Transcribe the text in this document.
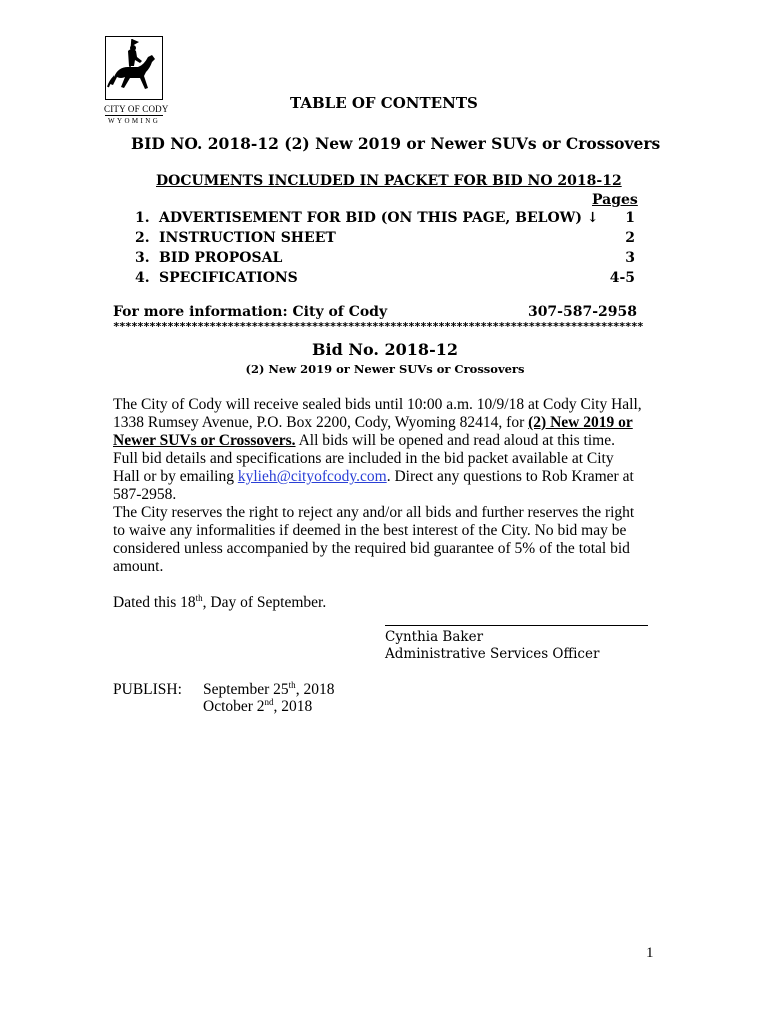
CITY OF CODY
WYOMING
TABLE OF CONTENTS
BID NO. 2018-12 (2) New 2019 or Newer SUVs or Crossovers
DOCUMENTS INCLUDED IN PACKET FOR BID NO 2018-12
Pages
1. ADVERTISEMENT FOR BID (ON THIS PAGE, BELOW) ↓ 1
2. INSTRUCTION SHEET	2
3. BID PROPOSAL	3
4. SPECIFICATIONS	4-5
For more information: City of Cody	307-587-2958
****************************************************************************************
Bid No. 2018-12
(2) New 2019 or Newer SUVs or Crossovers
The City of Cody will receive sealed bids until 10:00 a.m. 10/9/18 at Cody City Hall, 1338 Rumsey Avenue, P.O. Box 2200, Cody, Wyoming 82414, for (2) New 2019 or Newer SUVs or Crossovers. All bids will be opened and read aloud at this time. Full bid details and specifications are included in the bid packet available at City Hall or by emailing kylieh@cityofcody.com. Direct any questions to Rob Kramer at 587-2958.
The City reserves the right to reject any and/or all bids and further reserves the right to waive any informalities if deemed in the best interest of the City. No bid may be considered unless accompanied by the required bid guarantee of 5% of the total bid amount.
Dated this 18th, Day of September.
Cynthia Baker
Administrative Services Officer
PUBLISH: September 25th, 2018
October 2nd, 2018
1
